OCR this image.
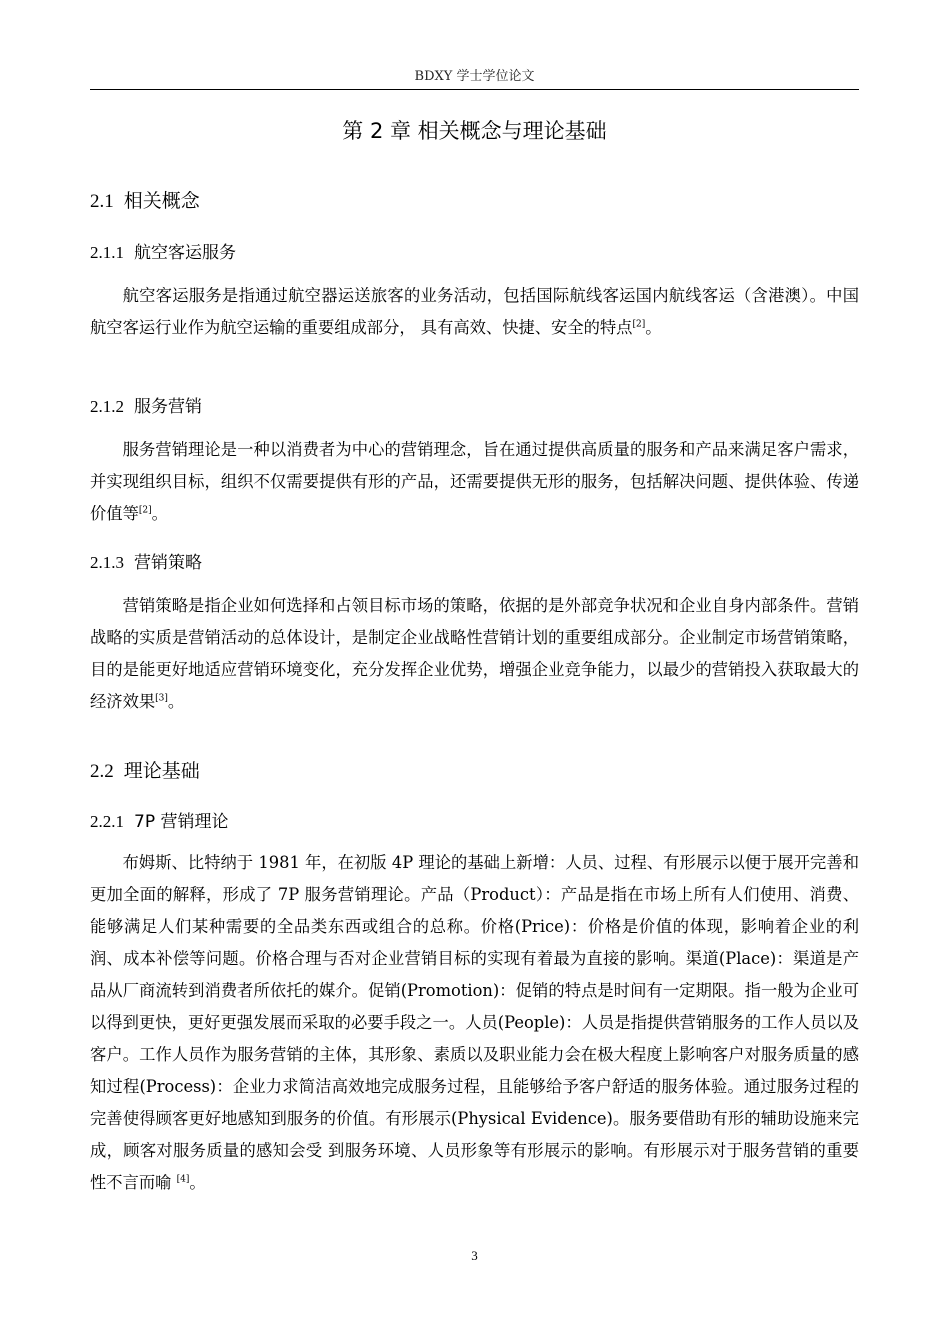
BDXY 学士学位论文
第 2 章 相关概念与理论基础
2.1 相关概念
2.1.1 航空客运服务

航空客运服务是指通过航空器运送旅客的业务活动，包括国际航线客运国内航线客运（含港澳）。中国航空客运行业作为航空运输的重要组成部分， 具有高效、快捷、安全的特点[2]。

2.1.2 服务营销

服务营销理论是一种以消费者为中心的营销理念，旨在通过提供高质量的服务和产品来满足客户需求，并实现组织目标，组织不仅需要提供有形的产品，还需要提供无形的服务，包括解决问题、提供体验、传递价值等[2]。

2.1.3 营销策略

营销策略是指企业如何选择和占领目标市场的策略，依据的是外部竞争状况和企业自身内部条件。营销战略的实质是营销活动的总体设计，是制定企业战略性营销计划的重要组成部分。企业制定市场营销策略，目的是能更好地适应营销环境变化，充分发挥企业优势，增强企业竞争能力，以最少的营销投入获取最大的经济效果[3]。

2.2 理论基础
2.2.1 7P 营销理论

布姆斯、比特纳于 1981 年，在初版 4P 理论的基础上新增：人员、过程、有形展示以便于展开完善和更加全面的解释，形成了 7P 服务营销理论。产品（Product）：产品是指在市场上所有人们使用、消费、能够满足人们某种需要的全品类东西或组合的总称。价格(Price)：价格是价值的体现，影响着企业的利润、成本补偿等问题。价格合理与否对企业营销目标的实现有着最为直接的影响。渠道(Place)：渠道是产品从厂商流转到消费者所依托的媒介。促销(Promotion)：促销的特点是时间有一定期限。指一般为企业可以得到更快，更好更强发展而采取的必要手段之一。人员(People)：人员是指提供营销服务的工作人员以及客户。工作人员作为服务营销的主体，其形象、素质以及职业能力会在极大程度上影响客户对服务质量的感知过程(Process)：企业力求简洁高效地完成服务过程，且能够给予客户舒适的服务体验。通过服务过程的完善使得顾客更好地感知到服务的价值。有形展示(Physical Evidence)。服务要借助有形的辅助设施来完成，顾客对服务质量的感知会受 到服务环境、人员形象等有形展示的影响。有形展示对于服务营销的重要性不言而喻 [4]。

3
